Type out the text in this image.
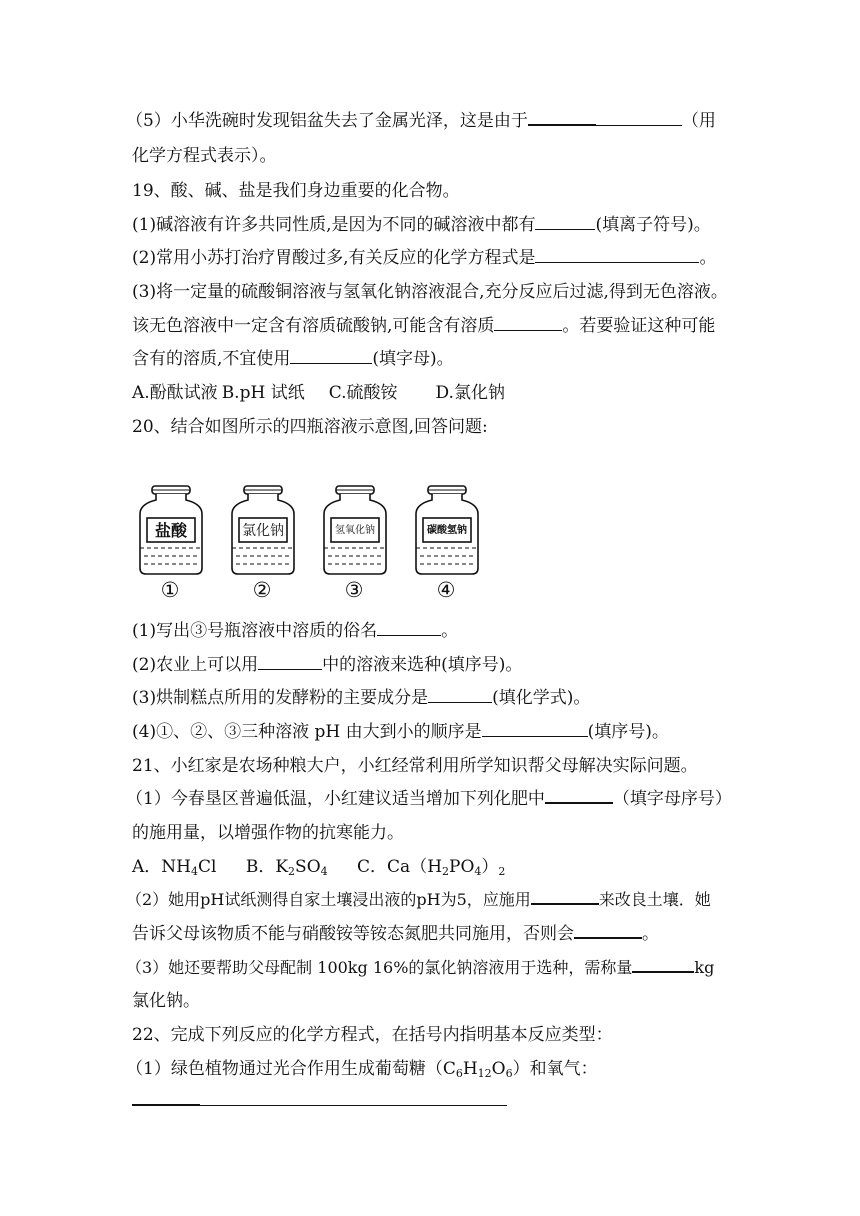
（5）小华洗碗时发现铝盆失去了金属光泽，这是由于	（用
化学方程式表示）。
19、酸、碱、盐是我们身边重要的化合物。
(1)碱溶液有许多共同性质,是因为不同的碱溶液中都有	(填离子符号)。
(2)常用小苏打治疗胃酸过多,有关反应的化学方程式是	。
(3)将一定量的硫酸铜溶液与氢氧化钠溶液混合,充分反应后过滤,得到无色溶液。
该无色溶液中一定含有溶质硫酸钠,可能含有溶质	。若要验证这种可能
含有的溶质,不宜使用	(填字母)。
A.酚酞试液 B.pH 试纸 C.硫酸铵 D.氯化钠
20、结合如图所示的四瓶溶液示意图,回答问题:
盐酸
①
氯化钠
②
氢氧化钠
③
碳酸氢钠
④
(1)写出③号瓶溶液中溶质的俗名	。
(2)农业上可以用	中的溶液来选种(填序号)。
(3)烘制糕点所用的发酵粉的主要成分是	(填化学式)。
(4)①、②、③三种溶液 pH 由大到小的顺序是	(填序号)。
21、小红家是农场种粮大户，小红经常利用所学知识帮父母解决实际问题。
（1）今春垦区普遍低温，小红建议适当增加下列化肥中	（填字母序号）
的施用量，以增强作物的抗寒能力。
A．$NH_4Cl$ B．$K_2SO_4$ C．$Ca(H_2PO_4)_2$
（2）她用pH试纸测得自家土壤浸出液的pH为5，应施用	来改良土壤．她
告诉父母该物质不能与硝酸铵等铵态氮肥共同施用，否则会	。
（3）她还要帮助父母配制 100kg 16%的氯化钠溶液用于选种，需称量	kg
氯化钠。
22、完成下列反应的化学方程式，在括号内指明基本反应类型：
（1）绿色植物通过光合作用生成葡萄糖$(C_6H_{12}O_6)$和氧气：
